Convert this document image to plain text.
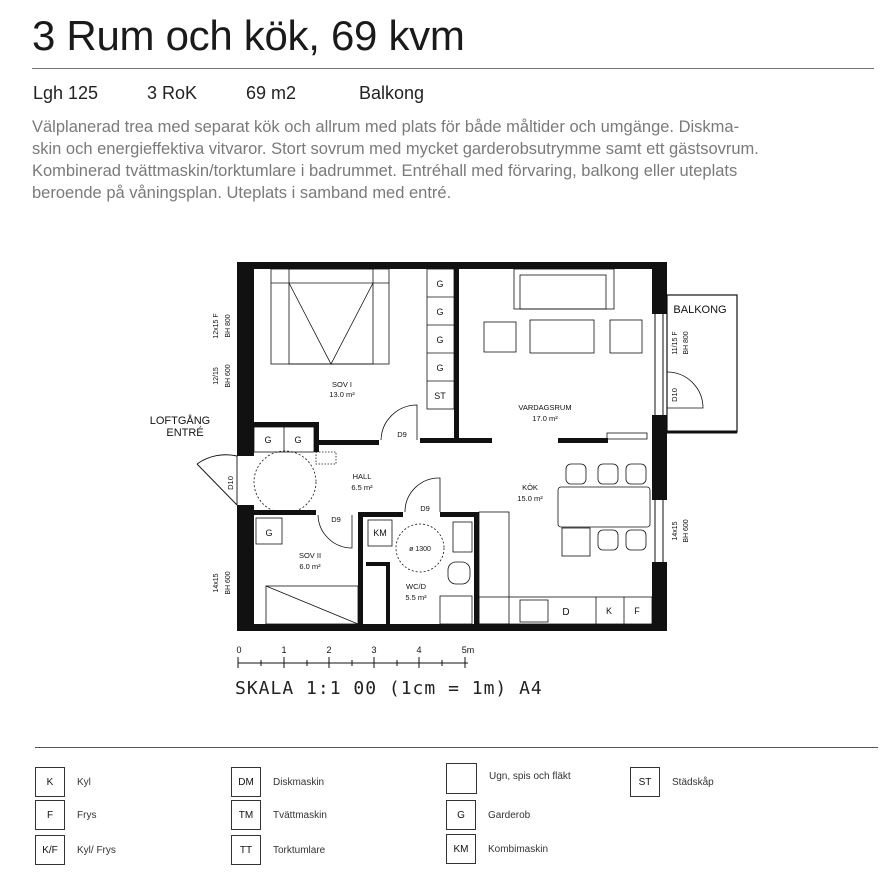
3 Rum och kök, 69 kvm
Lgh 125	3 RoK	69 m2	Balkong
Välplanerad trea med separat kök och allrum med plats för både måltider och umgänge. Diskma-
skin och energieffektiva vitvaror. Stort sovrum med mycket garderobsutrymme samt ett gästsovrum.
Kombinerad tvättmaskin/torktumlare i badrummet. Entréhall med förvaring, balkong eller uteplats
beroende på våningsplan. Uteplats i samband med entré.
BALKONG
G
G
G
G
ST
G	G
G	KM
ø 1300
D	K F
D9
D9
D9
D10
D10
12x15 F BH 800
12/15 BH 600
11/15 F BH 800
14x15 BH 600
14x15 BH 600
SOV I
13.0 m²
VARDAGSRUM
17.0 m²
HALL
6.5 m²	KÖK
15.0 m²
SOV II
6.0 m²
WC/D
5.5 m²
LOFTGÅNG
ENTRÉ
0	1	2	3	4	5m
SKALA 1:1 00 (1cm = 1m) A4
K	Kyl
F	Frys
K/F	Kyl/ Frys
DM	Diskmaskin
TM	Tvättmaskin
TT	Torktumlare
Ugn, spis och fläkt
G	Garderob
KM	Kombimaskin
ST	Städskåp
